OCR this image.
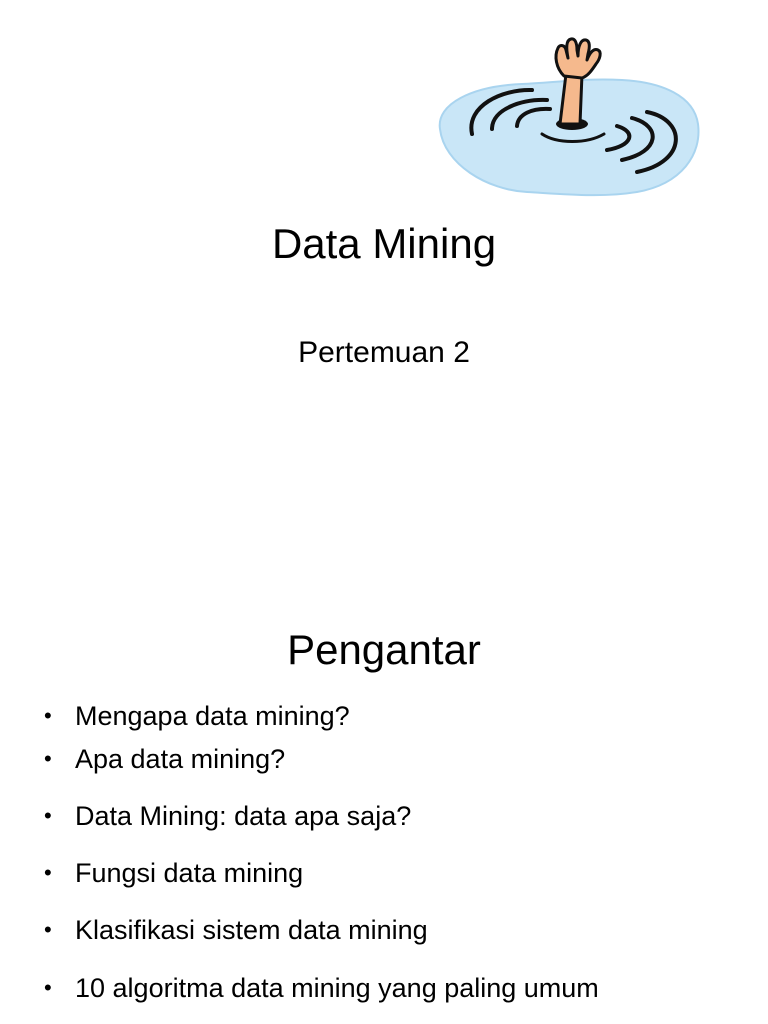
Data Mining
Pertemuan 2
Pengantar
• Mengapa data mining?
• Apa data mining?
• Data Mining: data apa saja?
• Fungsi data mining
• Klasifikasi sistem data mining
• 10 algoritma data mining yang paling umum
